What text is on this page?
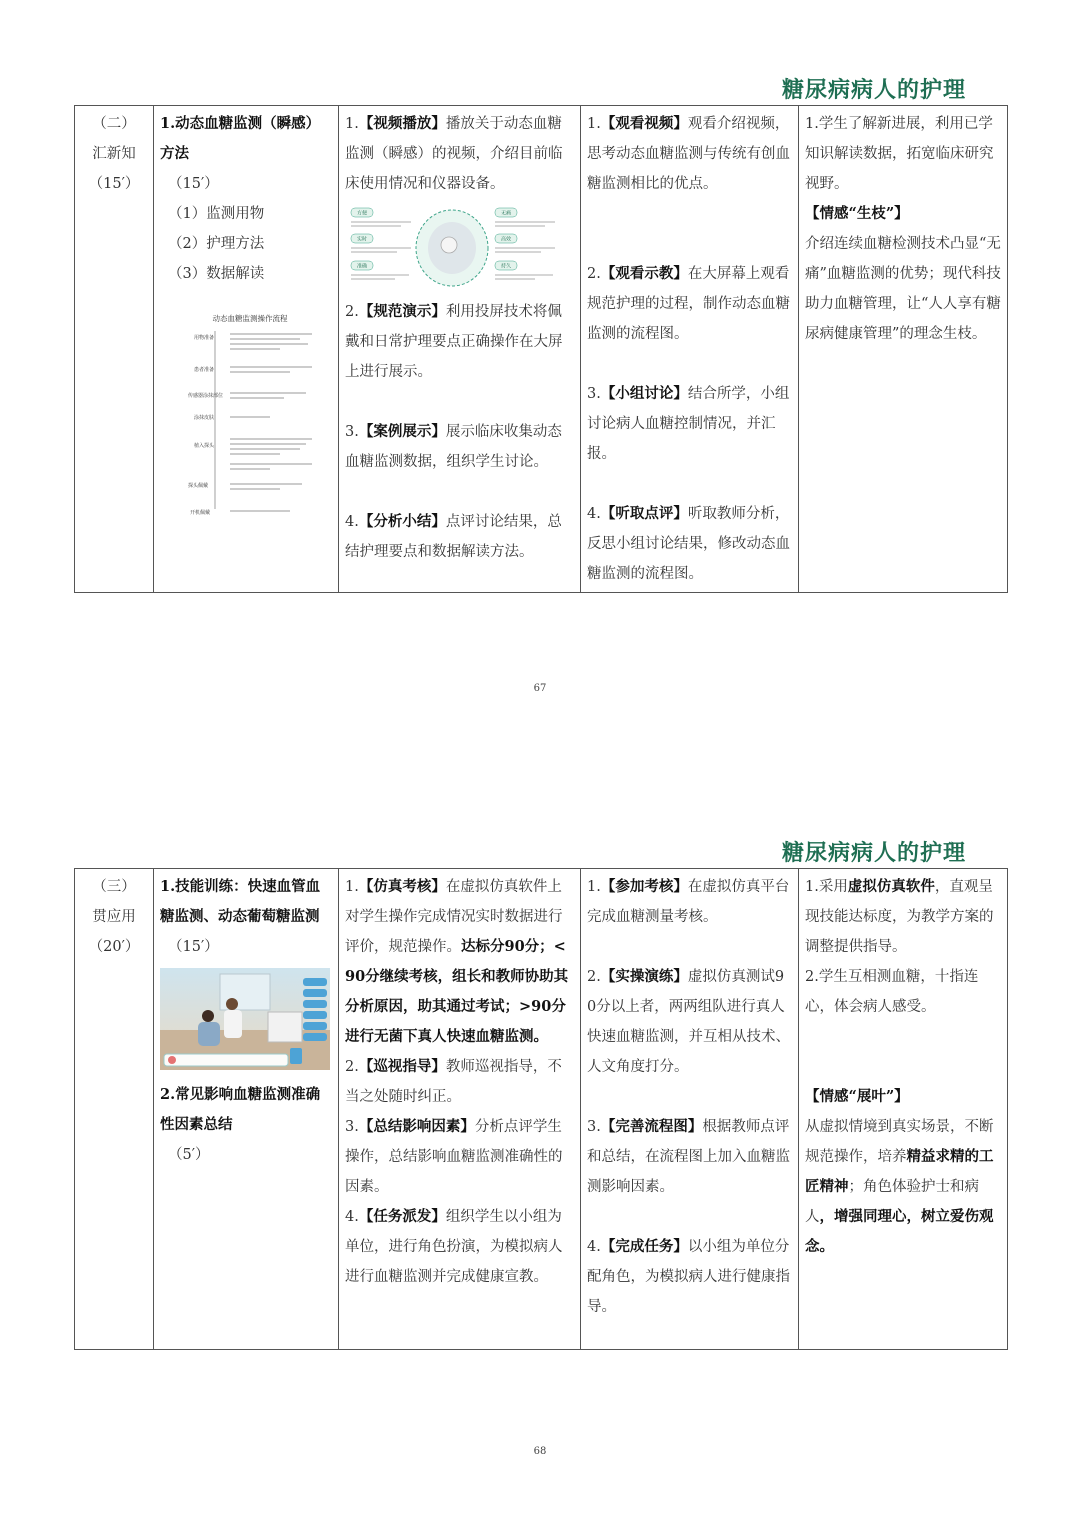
糖尿病病人的护理
（二）
汇新知
（15′）

1.动态血糖监测（瞬感）方法
（15′）
（1）监测用物
（2）护理方法
（3）数据解读
动态血糖监测操作流程
用物准备
患者准备
传感器涂抹部位
涂抹皮肤
植入探头
探头佩戴
开机佩戴

1.【视频播放】播放关于动态血糖监测（瞬感）的视频，介绍目前临床使用情况和仪器设备。
方便
实时
准确
无痛
高效
持久
2.【规范演示】利用投屏技术将佩戴和日常护理要点正确操作在大屏上进行展示。
3.【案例展示】展示临床收集动态血糖监测数据，组织学生讨论。
4.【分析小结】点评讨论结果，总结护理要点和数据解读方法。

1.【观看视频】观看介绍视频，思考动态血糖监测与传统有创血糖监测相比的优点。
2.【观看示教】在大屏幕上观看规范护理的过程，制作动态血糖监测的流程图。
3.【小组讨论】结合所学，小组讨论病人血糖控制情况，并汇报。
4.【听取点评】听取教师分析，反思小组讨论结果，修改动态血糖监测的流程图。

1.学生了解新进展，利用已学知识解读数据，拓宽临床研究视野。
【情感“生枝”】
介绍连续血糖检测技术凸显“无痛”血糖监测的优势；现代科技助力血糖管理，让“人人享有糖尿病健康管理”的理念生枝。
67
糖尿病病人的护理
（三）
贯应用
（20′）

1.技能训练：快速血管血糖监测、动态葡萄糖监测
（15′）
2.常见影响血糖监测准确性因素总结
（5′）

1.【仿真考核】在虚拟仿真软件上对学生操作完成情况实时数据进行评价，规范操作。达标分90分；<90分继续考核，组长和教师协助其分析原因，助其通过考试；>90分进行无菌下真人快速血糖监测。
2.【巡视指导】教师巡视指导，不当之处随时纠正。
3.【总结影响因素】分析点评学生操作，总结影响血糖监测准确性的因素。
4.【任务派发】组织学生以小组为单位，进行角色扮演，为模拟病人进行血糖监测并完成健康宣教。

1.【参加考核】在虚拟仿真平台完成血糖测量考核。
2.【实操演练】虚拟仿真测试90分以上者，两两组队进行真人快速血糖监测，并互相从技术、人文角度打分。
3.【完善流程图】根据教师点评和总结，在流程图上加入血糖监测影响因素。
4.【完成任务】以小组为单位分配角色，为模拟病人进行健康指导。

1.采用虚拟仿真软件，直观呈现技能达标度，为教学方案的调整提供指导。
2.学生互相测血糖，十指连心，体会病人感受。
【情感“展叶”】
从虚拟情境到真实场景，不断规范操作，培养精益求精的工匠精神；角色体验护士和病人，增强同理心，树立爱伤观念。
68
